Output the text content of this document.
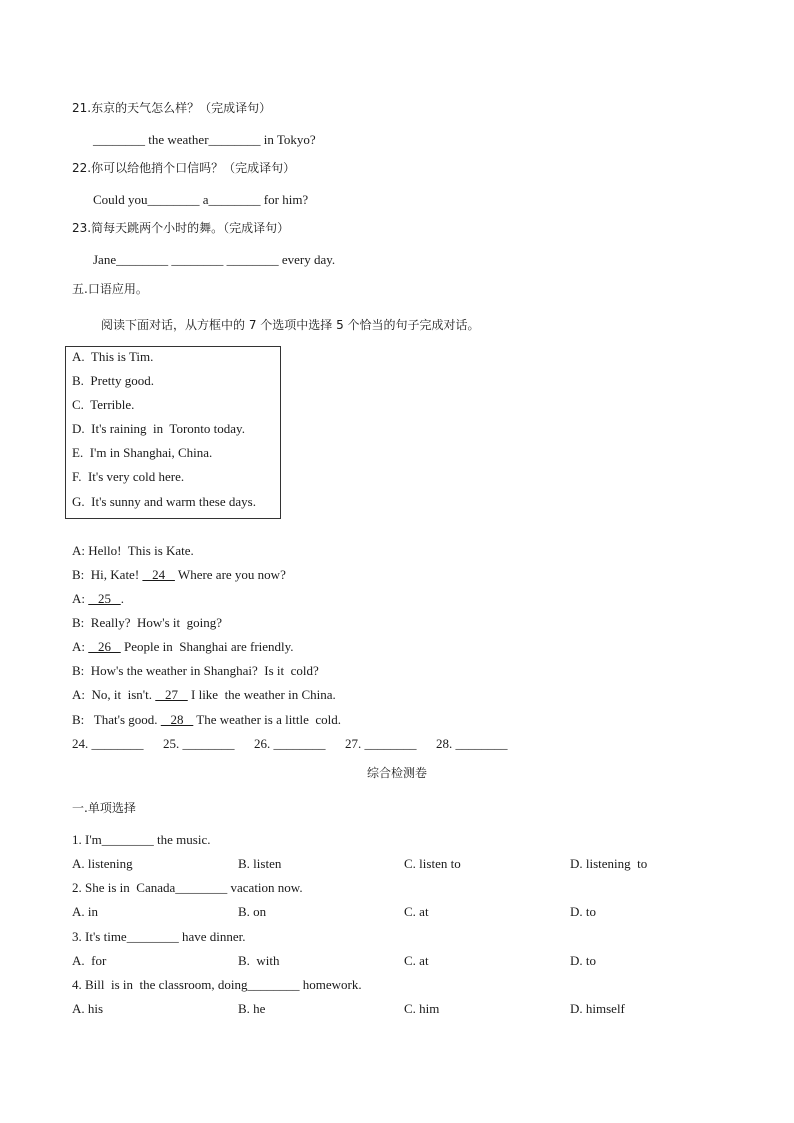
21.东京的天气怎么样？（完成译句）
________ the weather________ in Tokyo?
22.你可以给他捎个口信吗？（完成译句）
Could you________ a________ for him?
23.简每天跳两个小时的舞。（完成译句）
Jane________ ________ ________ every day.
五.口语应用。
阅读下面对话，从方框中的 7 个选项中选择 5 个恰当的句子完成对话。
A.  This is Tim.
B.  Pretty good.
C.  Terrible.
D.  It's raining  in  Toronto today.
E.  I'm in Shanghai, China.
F.  It's very cold here.
G.  It's sunny and warm these days.
A: Hello!  This is Kate.
B:  Hi, Kate!    24    Where are you now?
A:    25   .
B:  Really?  How's it  going?
A:    26    People in  Shanghai are friendly.
B:  How's the weather in Shanghai?  Is it  cold?
A:  No, it  isn't.    27    I like  the weather in China.
B:   That's good.    28    The weather is a little  cold.
24. ________ 25. ________ 26. ________ 27. ________ 28. ________
综合检测卷
一.单项选择
1. I'm________ the music.
A. listening	B. listen	C. listen to	D. listening  to
2. She is in  Canada________ vacation now.
A. in	B. on	C. at	D. to
3. It's time________ have dinner.
A.  for	B.  with	C. at	D. to
4. Bill  is in  the classroom, doing________ homework.
A. his	B. he	C. him	D. himself
